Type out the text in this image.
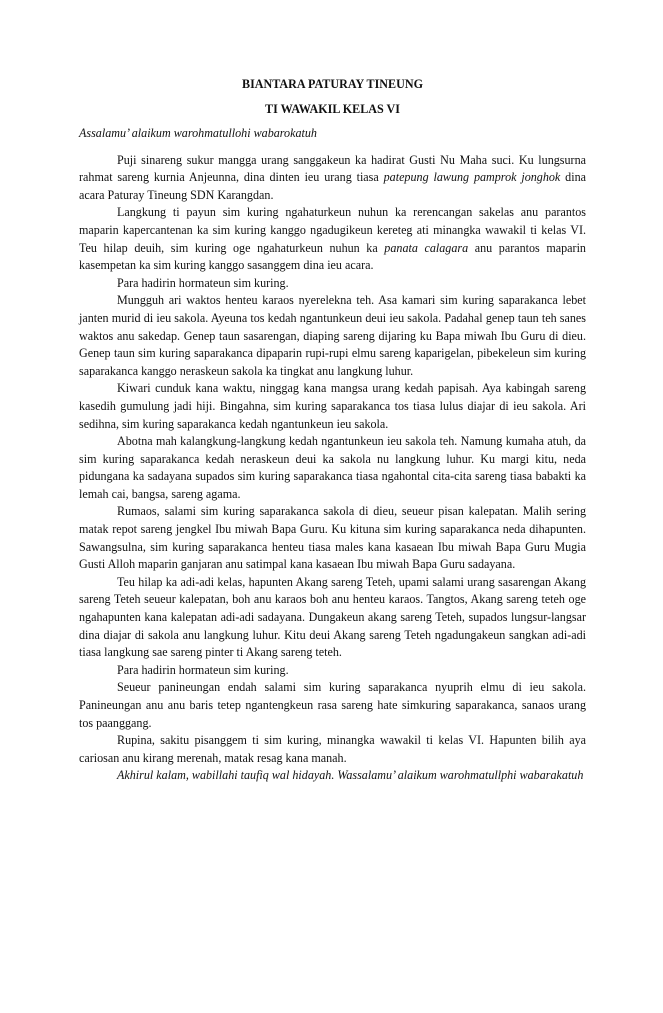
BIANTARA PATURAY TINEUNG

TI WAWAKIL KELAS VI

Assalamu’ alaikum warohmatullohi wabarokatuh

Puji sinareng sukur mangga urang sanggakeun ka hadirat Gusti Nu Maha suci. Ku lungsurna rahmat sareng kurnia Anjeunna, dina dinten ieu urang tiasa patepung lawung pamprok jonghok dina acara Paturay Tineung SDN Karangdan.

Langkung ti payun sim kuring ngahaturkeun nuhun ka rerencangan sakelas anu parantos maparin kapercantenan ka sim kuring kanggo ngadugikeun kereteg ati minangka wawakil ti kelas VI. Teu hilap deuih, sim kuring oge ngahaturkeun nuhun ka panata calagara anu parantos maparin kasempetan ka sim kuring kanggo sasanggem dina ieu acara.

Para hadirin hormateun sim kuring.

Mungguh ari waktos henteu karaos nyerelekna teh. Asa kamari sim kuring saparakanca lebet janten murid di ieu sakola. Ayeuna tos kedah ngantunkeun deui ieu sakola. Padahal genep taun teh sanes waktos anu sakedap. Genep taun sasarengan, diaping sareng dijaring ku Bapa miwah Ibu Guru di dieu. Genep taun sim kuring saparakanca dipaparin rupi-rupi elmu sareng kaparigelan, pibekeleun sim kuring saparakanca kanggo neraskeun sakola ka tingkat anu langkung luhur.

Kiwari cunduk kana waktu, ninggag kana mangsa urang kedah papisah. Aya kabingah sareng kasedih gumulung jadi hiji. Bingahna, sim kuring saparakanca tos tiasa lulus diajar di ieu sakola. Ari sedihna, sim kuring saparakanca kedah ngantunkeun ieu sakola.

Abotna mah kalangkung-langkung kedah ngantunkeun ieu sakola teh. Namung kumaha atuh, da sim kuring saparakanca kedah neraskeun deui ka sakola nu langkung luhur. Ku margi kitu, neda pidungana ka sadayana supados sim kuring saparakanca tiasa ngahontal cita-cita sareng tiasa babakti ka lemah cai, bangsa, sareng agama.

Rumaos, salami sim kuring saparakanca sakola di dieu, seueur pisan kalepatan. Malih sering matak repot sareng jengkel Ibu miwah Bapa Guru. Ku kituna sim kuring saparakanca neda dihapunten. Sawangsulna, sim kuring saparakanca henteu tiasa males kana kasaean Ibu miwah Bapa Guru Mugia Gusti Alloh maparin ganjaran anu satimpal kana kasaean Ibu miwah Bapa Guru sadayana.

Teu hilap ka adi-adi kelas, hapunten Akang sareng Teteh, upami salami urang sasarengan Akang sareng Teteh seueur kalepatan, boh anu karaos boh anu henteu karaos. Tangtos, Akang sareng teteh oge ngahapunten kana kalepatan adi-adi sadayana. Dungakeun akang sareng Teteh, supados lungsur-langsar dina diajar di sakola anu langkung luhur. Kitu deui Akang sareng Teteh ngadungakeun sangkan adi-adi tiasa langkung sae sareng pinter ti Akang sareng teteh.

Para hadirin hormateun sim kuring.

Seueur panineungan endah salami sim kuring saparakanca nyuprih elmu di ieu sakola. Panineungan anu anu baris tetep ngantengkeun rasa sareng hate simkuring saparakanca, sanaos urang tos paanggang.

Rupina, sakitu pisanggem ti sim kuring, minangka wawakil ti kelas VI. Hapunten bilih aya cariosan anu kirang merenah, matak resag kana manah.

Akhirul kalam, wabillahi taufiq wal hidayah. Wassalamu’ alaikum warohmatullphi wabarakatuh
